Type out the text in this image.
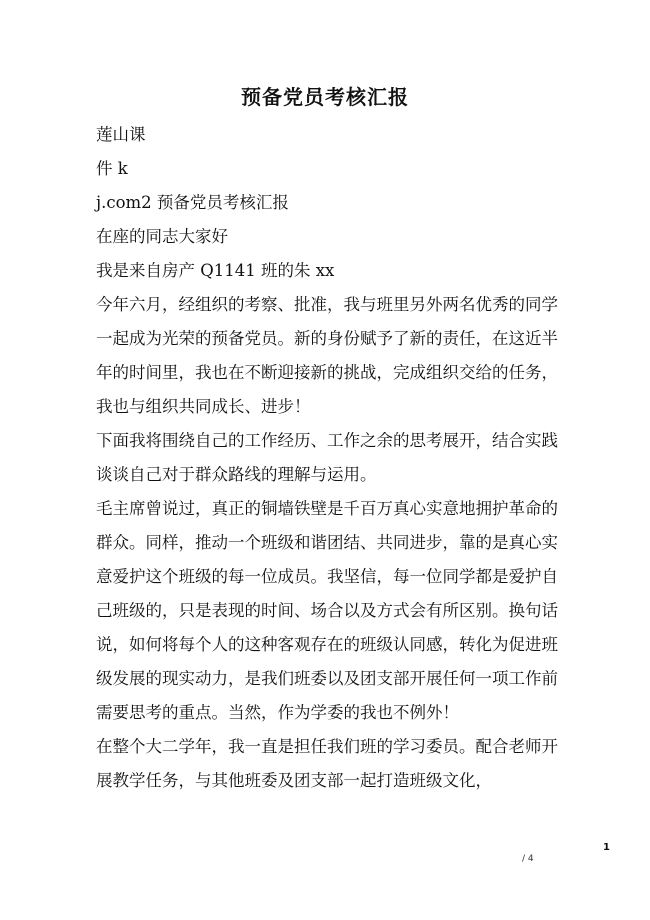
预备党员考核汇报

莲山课

件 k

j.com2 预备党员考核汇报

在座的同志大家好

我是来自房产 Q1141 班的朱 xx

今年六月，经组织的考察、批准，我与班里另外两名优秀的同学一起成为光荣的预备党员。新的身份赋予了新的责任，在这近半年的时间里，我也在不断迎接新的挑战，完成组织交给的任务，我也与组织共同成长、进步！

下面我将围绕自己的工作经历、工作之余的思考展开，结合实践谈谈自己对于群众路线的理解与运用。

毛主席曾说过，真正的铜墙铁壁是千百万真心实意地拥护革命的群众。同样，推动一个班级和谐团结、共同进步，靠的是真心实意爱护这个班级的每一位成员。我坚信，每一位同学都是爱护自己班级的，只是表现的时间、场合以及方式会有所区别。换句话说，如何将每个人的这种客观存在的班级认同感，转化为促进班级发展的现实动力，是我们班委以及团支部开展任何一项工作前需要思考的重点。当然，作为学委的我也不例外！

在整个大二学年，我一直是担任我们班的学习委员。配合老师开展教学任务，与其他班委及团支部一起打造班级文化，

1
/ 4
